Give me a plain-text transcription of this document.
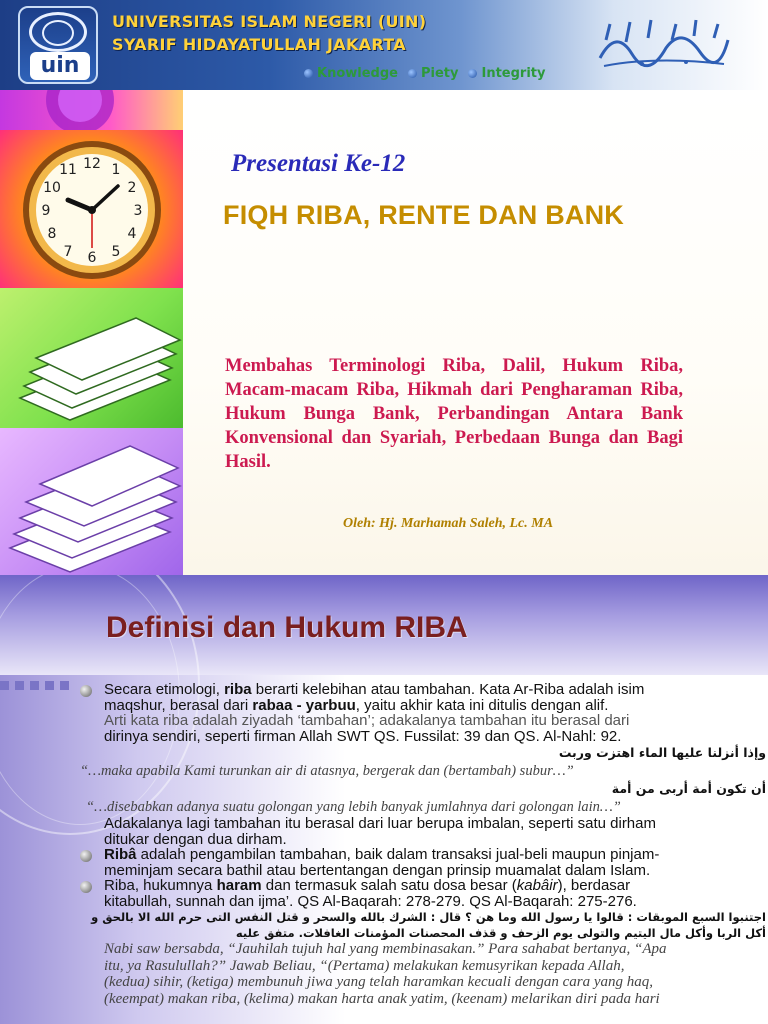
uin
UNIVERSITAS ISLAM NEGERI (UIN)
SYARIF HIDAYATULLAH JAKARTA
Knowledge Piety Integrity
12 1
2
3
4
5
6
7
8
9
10
11	Presentasi Ke-12
FIQH RIBA, RENTE DAN BANK
Membahas Terminologi Riba, Dalil, Hukum Riba, Macam-macam Riba, Hikmah dari Pengharaman Riba, Hukum Bunga Bank, Perbandingan Antara Bank Konvensional dan Syariah, Perbedaan Bunga dan Bagi Hasil.
Oleh: Hj. Marhamah Saleh, Lc. MA
Definisi dan Hukum RIBA
Secara etimologi, riba berarti kelebihan atau tambahan. Kata Ar-Riba adalah isim
maqshur, berasal dari rabaa - yarbuu, yaitu akhir kata ini ditulis dengan alif.
Arti kata riba adalah ziyadah ‘tambahan’; adakalanya tambahan itu berasal dari
dirinya sendiri, seperti firman Allah SWT QS. Fussilat: 39 dan QS. Al-Nahl: 92.
وإذا أنزلنا عليها الماء اهتزت وربت
“…maka apabila Kami turunkan air di atasnya, bergerak dan (bertambah) subur…”
أن تكون أمة أربى من أمة
“…disebabkan adanya suatu golongan yang lebih banyak jumlahnya dari golongan lain…”
Adakalanya lagi tambahan itu berasal dari luar berupa imbalan, seperti satu dirham
ditukar dengan dua dirham.
Ribâ adalah pengambilan tambahan, baik dalam transaksi jual-beli maupun pinjam-
meminjam secara bathil atau bertentangan dengan prinsip muamalat dalam Islam.
Riba, hukumnya haram dan termasuk salah satu dosa besar (kabâir), berdasar
kitabullah, sunnah dan ijma’. QS Al-Baqarah: 278-279. QS Al-Baqarah: 275-276.
اجتنبوا السبع الموبقات : قالوا يا رسول الله وما هن ؟ قال : الشرك بالله والسحر و قتل النفس التى حرم الله الا بالحق و أكل الربا وأكل مال اليتيم والتولى يوم الزحف و قذف المحصنات المؤمنات الغافلات. متفق عليه
Nabi saw bersabda, “Jauhilah tujuh hal yang membinasakan.” Para sahabat bertanya, “Apa
itu, ya Rasulullah?” Jawab Beliau, “(Pertama) melakukan kemusyrikan kepada Allah,
(kedua) sihir, (ketiga) membunuh jiwa yang telah haramkan kecuali dengan cara yang haq,
(keempat) makan riba, (kelima) makan harta anak yatim, (keenam) melarikan diri pada hari
